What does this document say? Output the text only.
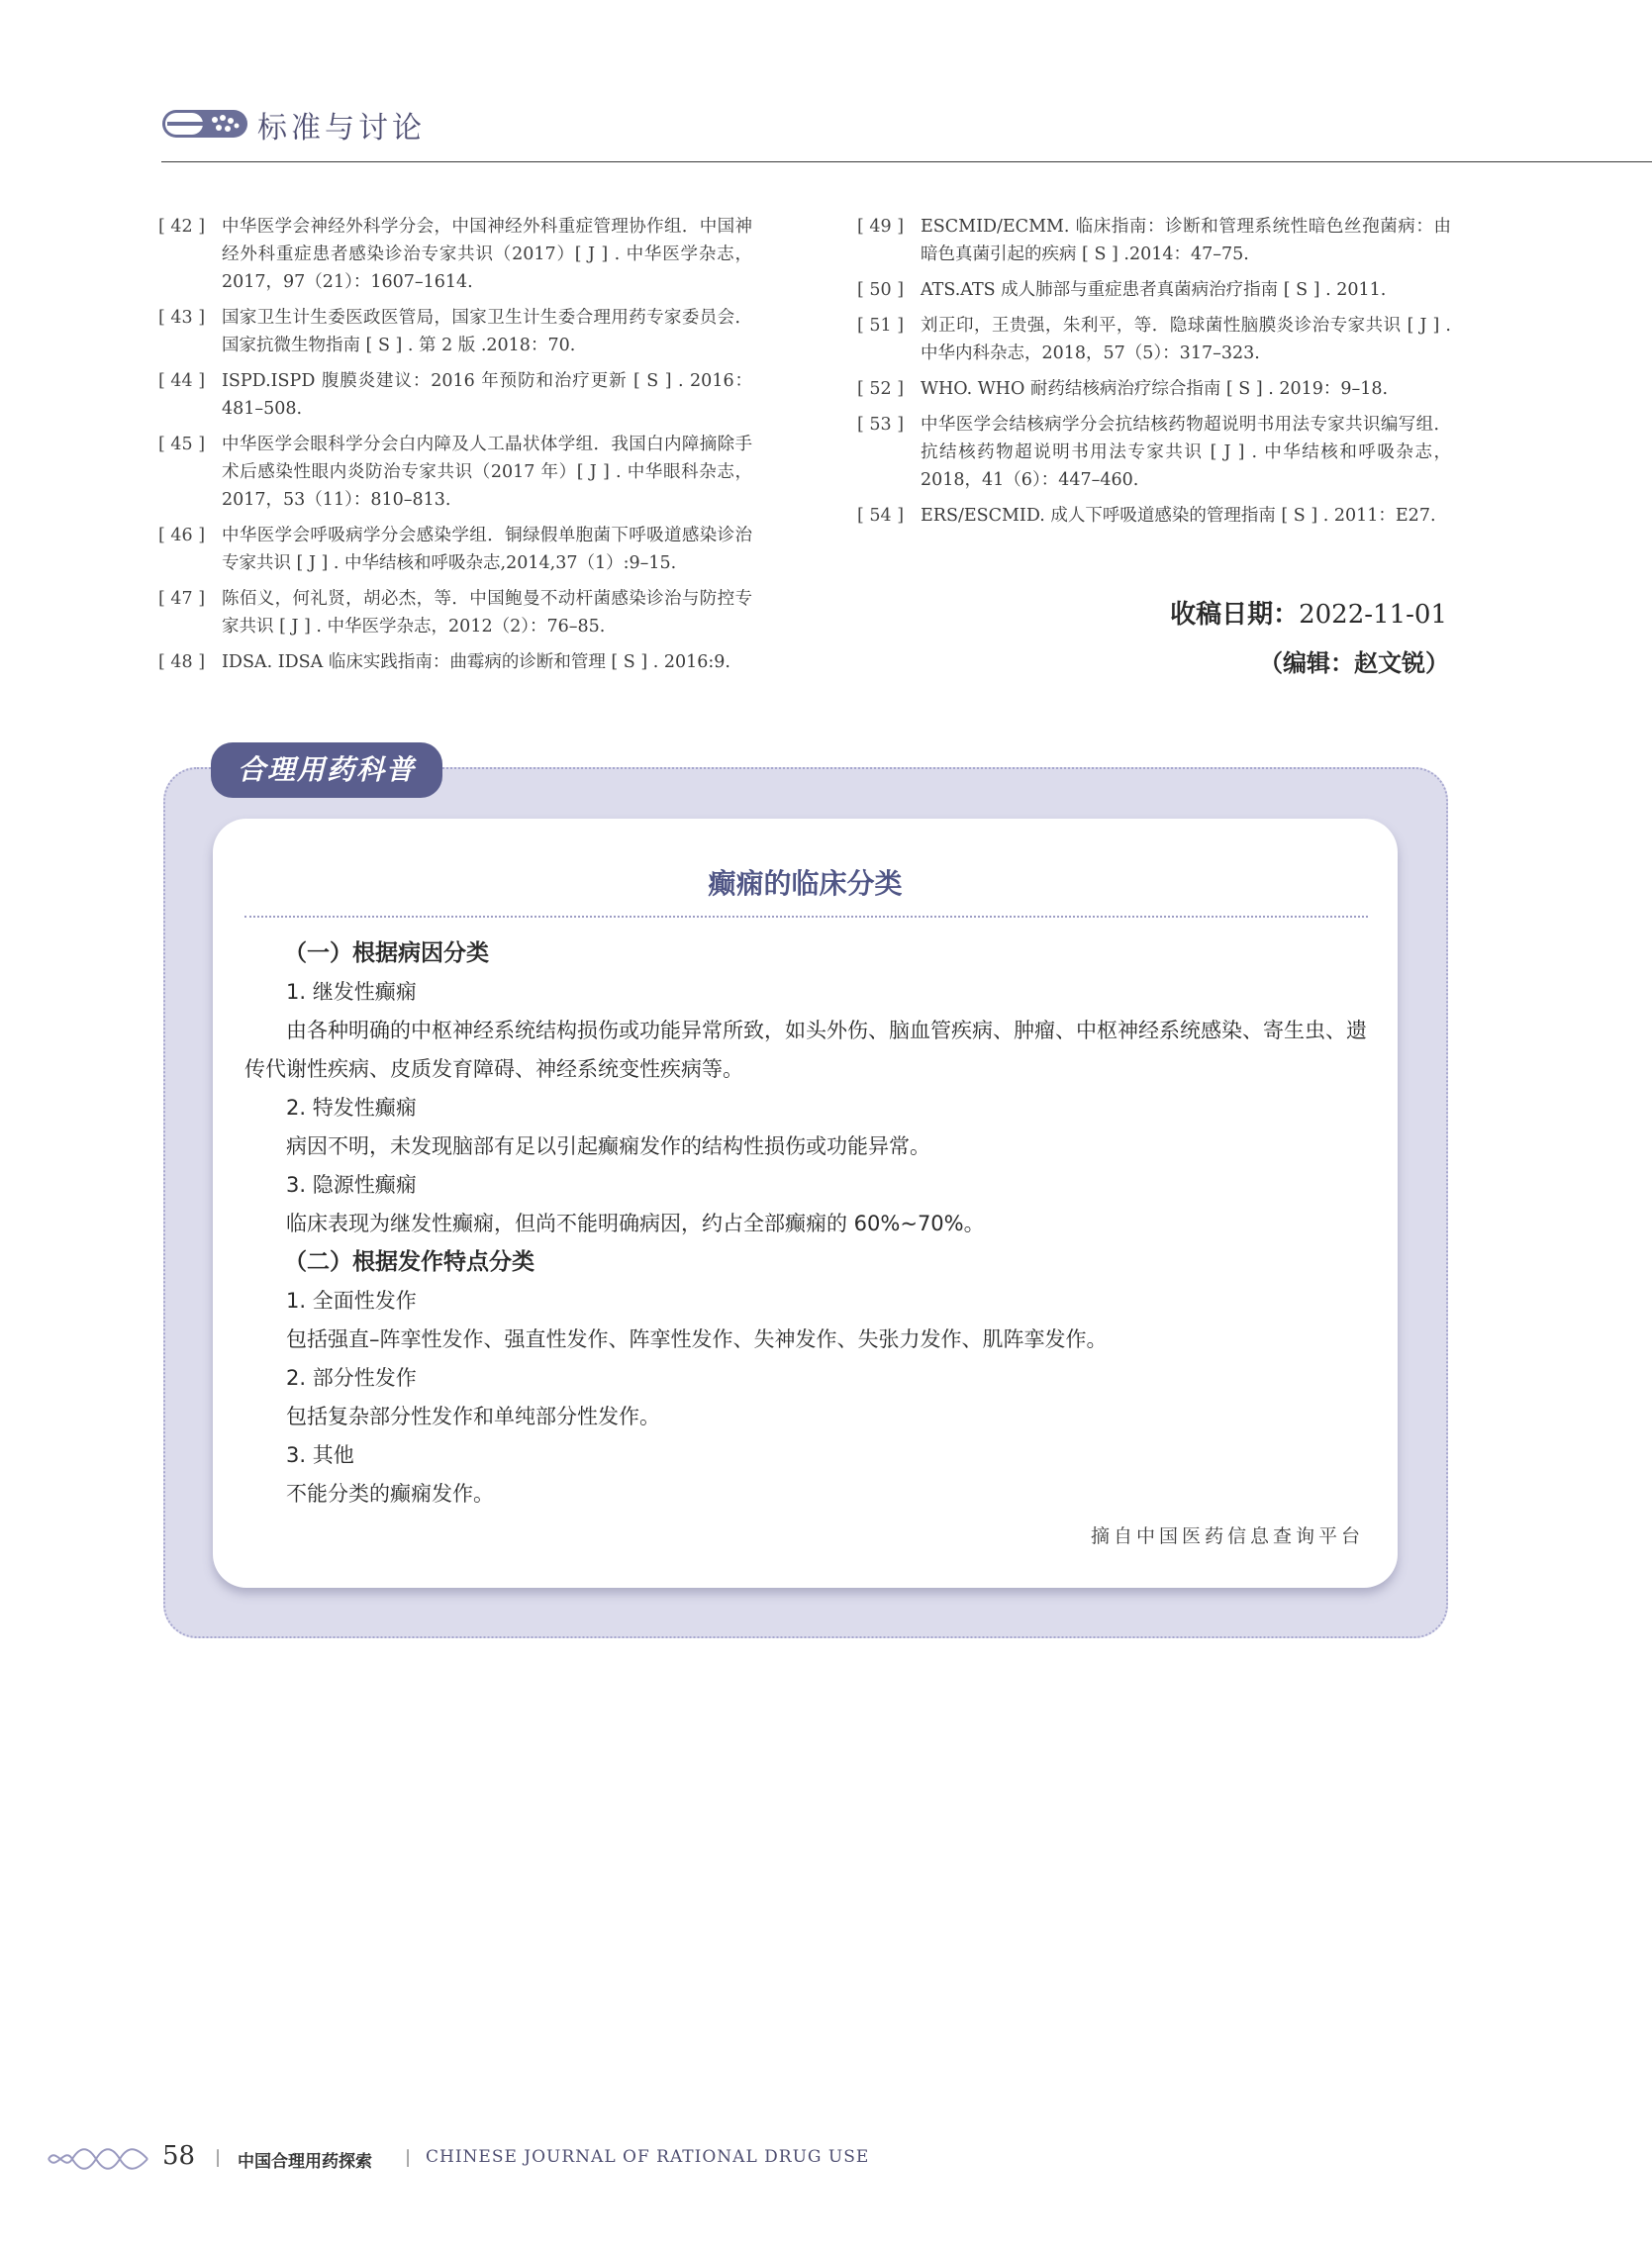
标准与讨论
[ 42 ] 中华医学会神经外科学分会，中国神经外科重症管理协作组．中国神经外科重症患者感染诊治专家共识（2017）[ J ] . 中华医学杂志，2017，97（21）：1607–1614.
[ 43 ] 国家卫生计生委医政医管局，国家卫生计生委合理用药专家委员会．国家抗微生物指南 [ S ] . 第 2 版 .2018：70.
[ 44 ] ISPD.ISPD 腹膜炎建议：2016 年预防和治疗更新 [ S ] . 2016：481–508.
[ 45 ] 中华医学会眼科学分会白内障及人工晶状体学组．我国白内障摘除手术后感染性眼内炎防治专家共识（2017 年）[ J ] . 中华眼科杂志，2017，53（11）：810–813.
[ 46 ] 中华医学会呼吸病学分会感染学组．铜绿假单胞菌下呼吸道感染诊治专家共识 [ J ] . 中华结核和呼吸杂志,2014,37（1）:9–15.
[ 47 ] 陈佰义，何礼贤，胡必杰，等．中国鲍曼不动杆菌感染诊治与防控专家共识 [ J ] . 中华医学杂志，2012（2）：76–85.
[ 48 ] IDSA. IDSA 临床实践指南：曲霉病的诊断和管理 [ S ] . 2016:9.
[ 49 ] ESCMID/ECMM. 临床指南：诊断和管理系统性暗色丝孢菌病：由暗色真菌引起的疾病 [ S ] .2014：47–75.
[ 50 ] ATS.ATS 成人肺部与重症患者真菌病治疗指南 [ S ] . 2011.
[ 51 ] 刘正印，王贵强，朱利平，等．隐球菌性脑膜炎诊治专家共识 [ J ] . 中华内科杂志，2018，57（5）：317–323.
[ 52 ] WHO. WHO 耐药结核病治疗综合指南 [ S ] . 2019：9–18.
[ 53 ] 中华医学会结核病学分会抗结核药物超说明书用法专家共识编写组．抗结核药物超说明书用法专家共识 [ J ] . 中华结核和呼吸杂志，2018，41（6）：447–460.
[ 54 ] ERS/ESCMID. 成人下呼吸道感染的管理指南 [ S ] . 2011：E27.
收稿日期：2022-11-01
（编辑：赵文锐）
合理用药科普
癫痫的临床分类

（一）根据病因分类

1. 继发性癫痫

由各种明确的中枢神经系统结构损伤或功能异常所致，如头外伤、脑血管疾病、肿瘤、中枢神经系统感染、寄生虫、遗传代谢性疾病、皮质发育障碍、神经系统变性疾病等。

2. 特发性癫痫

病因不明，未发现脑部有足以引起癫痫发作的结构性损伤或功能异常。

3. 隐源性癫痫

临床表现为继发性癫痫，但尚不能明确病因，约占全部癫痫的 60%~70%。

（二）根据发作特点分类

1. 全面性发作

包括强直–阵挛性发作、强直性发作、阵挛性发作、失神发作、失张力发作、肌阵挛发作。

2. 部分性发作

包括复杂部分性发作和单纯部分性发作。

3. 其他

不能分类的癫痫发作。

摘自中国医药信息查询平台
58 | 中国合理用药探索 | CHINESE JOURNAL OF RATIONAL DRUG USE
